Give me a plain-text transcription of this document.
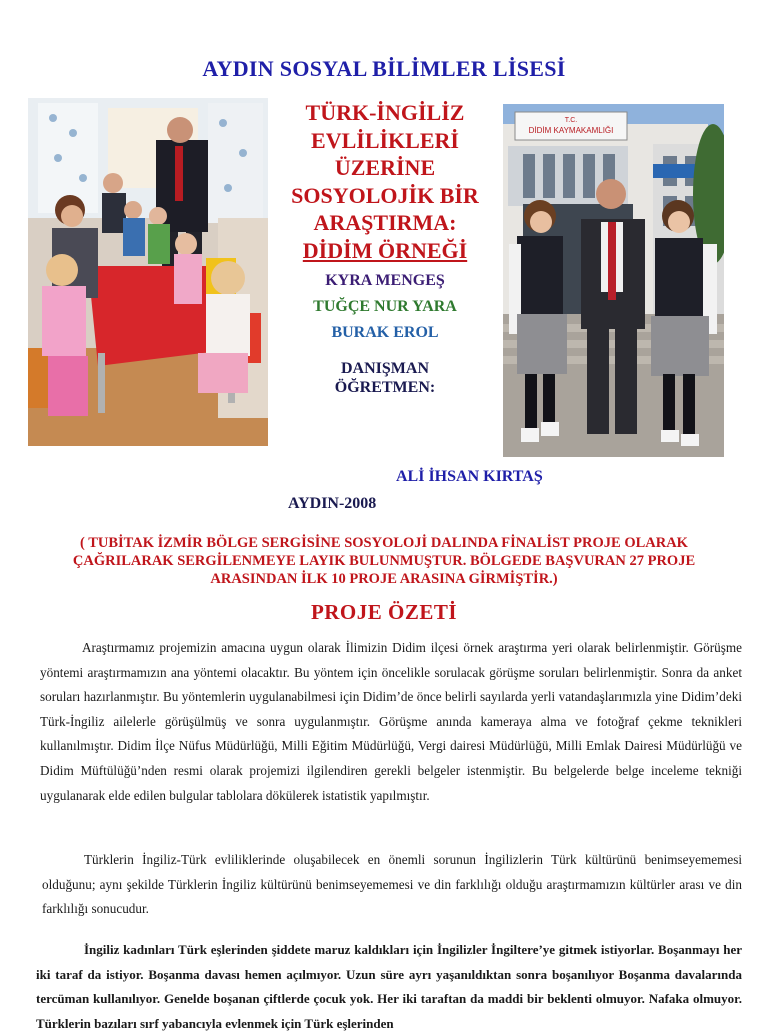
AYDIN SOSYAL BİLİMLER LİSESİ
TÜRK-İNGİLİZ
EVLİLİKLERİ
ÜZERİNE
SOSYOLOJİK BİR
ARAŞTIRMA:
DİDİM ÖRNEĞİ
KYRA MENGEŞ
TUĞÇE NUR YARA
BURAK EROL
DANIŞMAN
ÖĞRETMEN:
T.C.
DİDİM KAYMAKAMLIĞI
ALİ İHSAN KIRTAŞ
AYDIN-2008
( TUBİTAK İZMİR BÖLGE SERGİSİNE SOSYOLOJİ DALINDA FİNALİST PROJE OLARAK ÇAĞRILARAK SERGİLENMEYE LAYIK BULUNMUŞTUR. BÖLGEDE BAŞVURAN 27 PROJE ARASINDAN İLK 10 PROJE ARASINA GİRMİŞTİR.)
PROJE ÖZETİ
Araştırmamız projemizin amacına uygun olarak İlimizin Didim ilçesi örnek araştırma yeri olarak belirlenmiştir. Görüşme yöntemi araştırmamızın ana yöntemi olacaktır. Bu yöntem için öncelikle sorulacak görüşme soruları belirlenmiştir. Sonra da anket soruları hazırlanmıştır. Bu yöntemlerin uygulanabilmesi için Didim’de önce belirli sayılarda yerli vatandaşlarımızla yine Didim’deki Türk-İngiliz ailelerle görüşülmüş ve sonra uygulanmıştır. Görüşme anında kameraya alma ve fotoğraf çekme teknikleri kullanılmıştır. Didim İlçe Nüfus Müdürlüğü, Milli Eğitim Müdürlüğü, Vergi dairesi Müdürlüğü, Milli Emlak Dairesi Müdürlüğü ve Didim Müftülüğü’nden resmi olarak projemizi ilgilendiren gerekli belgeler istenmiştir. Bu belgelerde belge inceleme tekniği uygulanarak elde edilen bulgular tablolara dökülerek istatistik yapılmıştır.
Türklerin İngiliz-Türk evliliklerinde oluşabilecek en önemli sorunun İngilizlerin Türk kültürünü benimseyememesi olduğunu; aynı şekilde Türklerin İngiliz kültürünü benimseyememesi ve din farklılığı olduğu araştırmamızın kültürler arası ve din farklılığı sonucudur.
İngiliz kadınları Türk eşlerinden şiddete maruz kaldıkları için İngilizler İngiltere’ye gitmek istiyorlar. Boşanmayı her iki taraf da istiyor. Boşanma davası hemen açılmıyor. Uzun süre ayrı yaşanıldıktan sonra boşanılıyor Boşanma davalarında tercüman kullanılıyor. Genelde boşanan çiftlerde çocuk yok. Her iki taraftan da maddi bir beklenti olmuyor. Nafaka olmuyor. Türklerin bazıları sırf yabancıyla evlenmek için Türk eşlerinden
